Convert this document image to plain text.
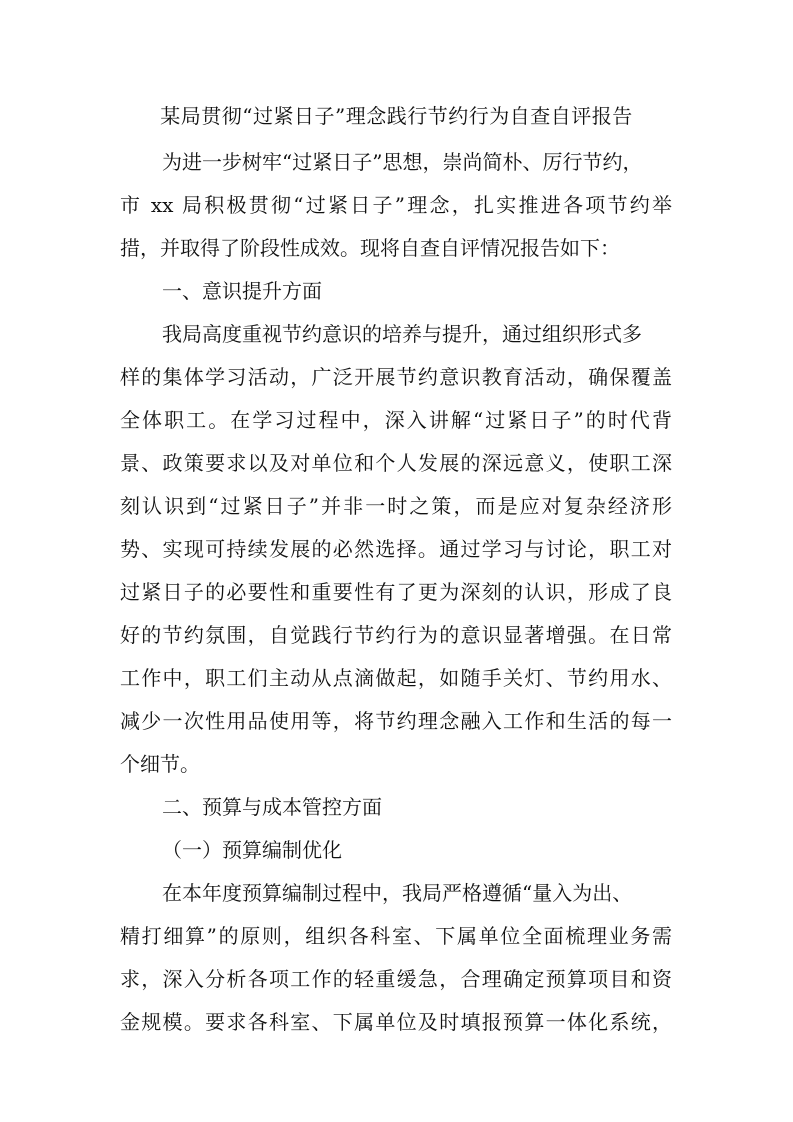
某局贯彻“过紧日子”理念践行节约行为自查自评报告
为进一步树牢“过紧日子”思想，崇尚简朴、厉行节约，
市 xx 局积极贯彻“过紧日子”理念，扎实推进各项节约举
措，并取得了阶段性成效。现将自查自评情况报告如下：
一、意识提升方面
我局高度重视节约意识的培养与提升，通过组织形式多
样的集体学习活动，广泛开展节约意识教育活动，确保覆盖
全体职工。在学习过程中，深入讲解“过紧日子”的时代背
景、政策要求以及对单位和个人发展的深远意义，使职工深
刻认识到“过紧日子”并非一时之策，而是应对复杂经济形
势、实现可持续发展的必然选择。通过学习与讨论，职工对
过紧日子的必要性和重要性有了更为深刻的认识，形成了良
好的节约氛围，自觉践行节约行为的意识显著增强。在日常
工作中，职工们主动从点滴做起，如随手关灯、节约用水、
减少一次性用品使用等，将节约理念融入工作和生活的每一
个细节。
二、预算与成本管控方面
（一）预算编制优化
在本年度预算编制过程中，我局严格遵循“量入为出、
精打细算”的原则，组织各科室、下属单位全面梳理业务需
求，深入分析各项工作的轻重缓急，合理确定预算项目和资
金规模。要求各科室、下属单位及时填报预算一体化系统，
